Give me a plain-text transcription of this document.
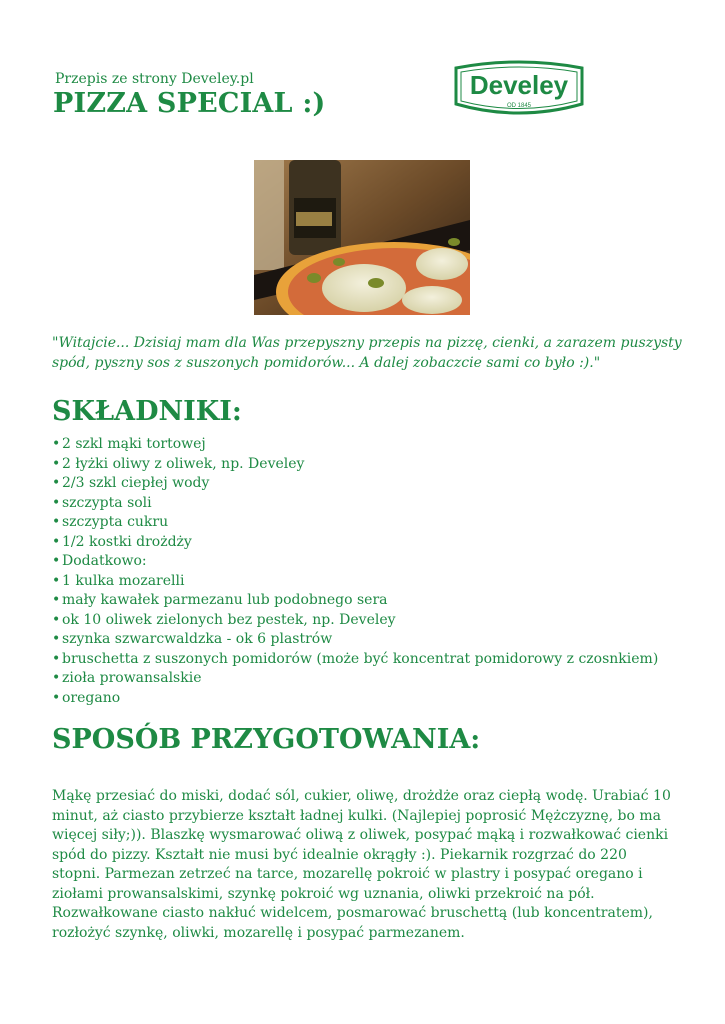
Przepis ze strony Develey.pl
PIZZA SPECIAL :)
Develey
OD 1845
"Witajcie... Dzisiaj mam dla Was przepyszny przepis na pizzę, cienki, a zarazem puszysty spód, pyszny sos z suszonych pomidorów... A dalej zobaczcie sami co było :)."
SKŁADNIKI:
• 2 szkl mąki tortowej
• 2 łyżki oliwy z oliwek, np. Develey
• 2/3 szkl ciepłej wody
• szczypta soli
• szczypta cukru
• 1/2 kostki drożdży
• Dodatkowo:
• 1 kulka mozarelli
• mały kawałek parmezanu lub podobnego sera
• ok 10 oliwek zielonych bez pestek, np. Develey
• szynka szwarcwaldzka - ok 6 plastrów
• bruschetta z suszonych pomidorów (może być koncentrat pomidorowy z czosnkiem)
• zioła prowansalskie
• oregano
SPOSÓB PRZYGOTOWANIA:
Mąkę przesiać do miski, dodać sól, cukier, oliwę, drożdże oraz ciepłą wodę. Urabiać 10 minut, aż ciasto przybierze kształt ładnej kulki. (Najlepiej poprosić Mężczyznę, bo ma więcej siły;)). Blaszkę wysmarować oliwą z oliwek, posypać mąką i rozwałkować cienki spód do pizzy. Kształt nie musi być idealnie okrągły :). Piekarnik rozgrzać do 220 stopni. Parmezan zetrzeć na tarce, mozarellę pokroić w plastry i posypać oregano i ziołami prowansalskimi, szynkę pokroić wg uznania, oliwki przekroić na pół. Rozwałkowane ciasto nakłuć widelcem, posmarować bruschettą (lub koncentratem), rozłożyć szynkę, oliwki, mozarellę i posypać parmezanem.
